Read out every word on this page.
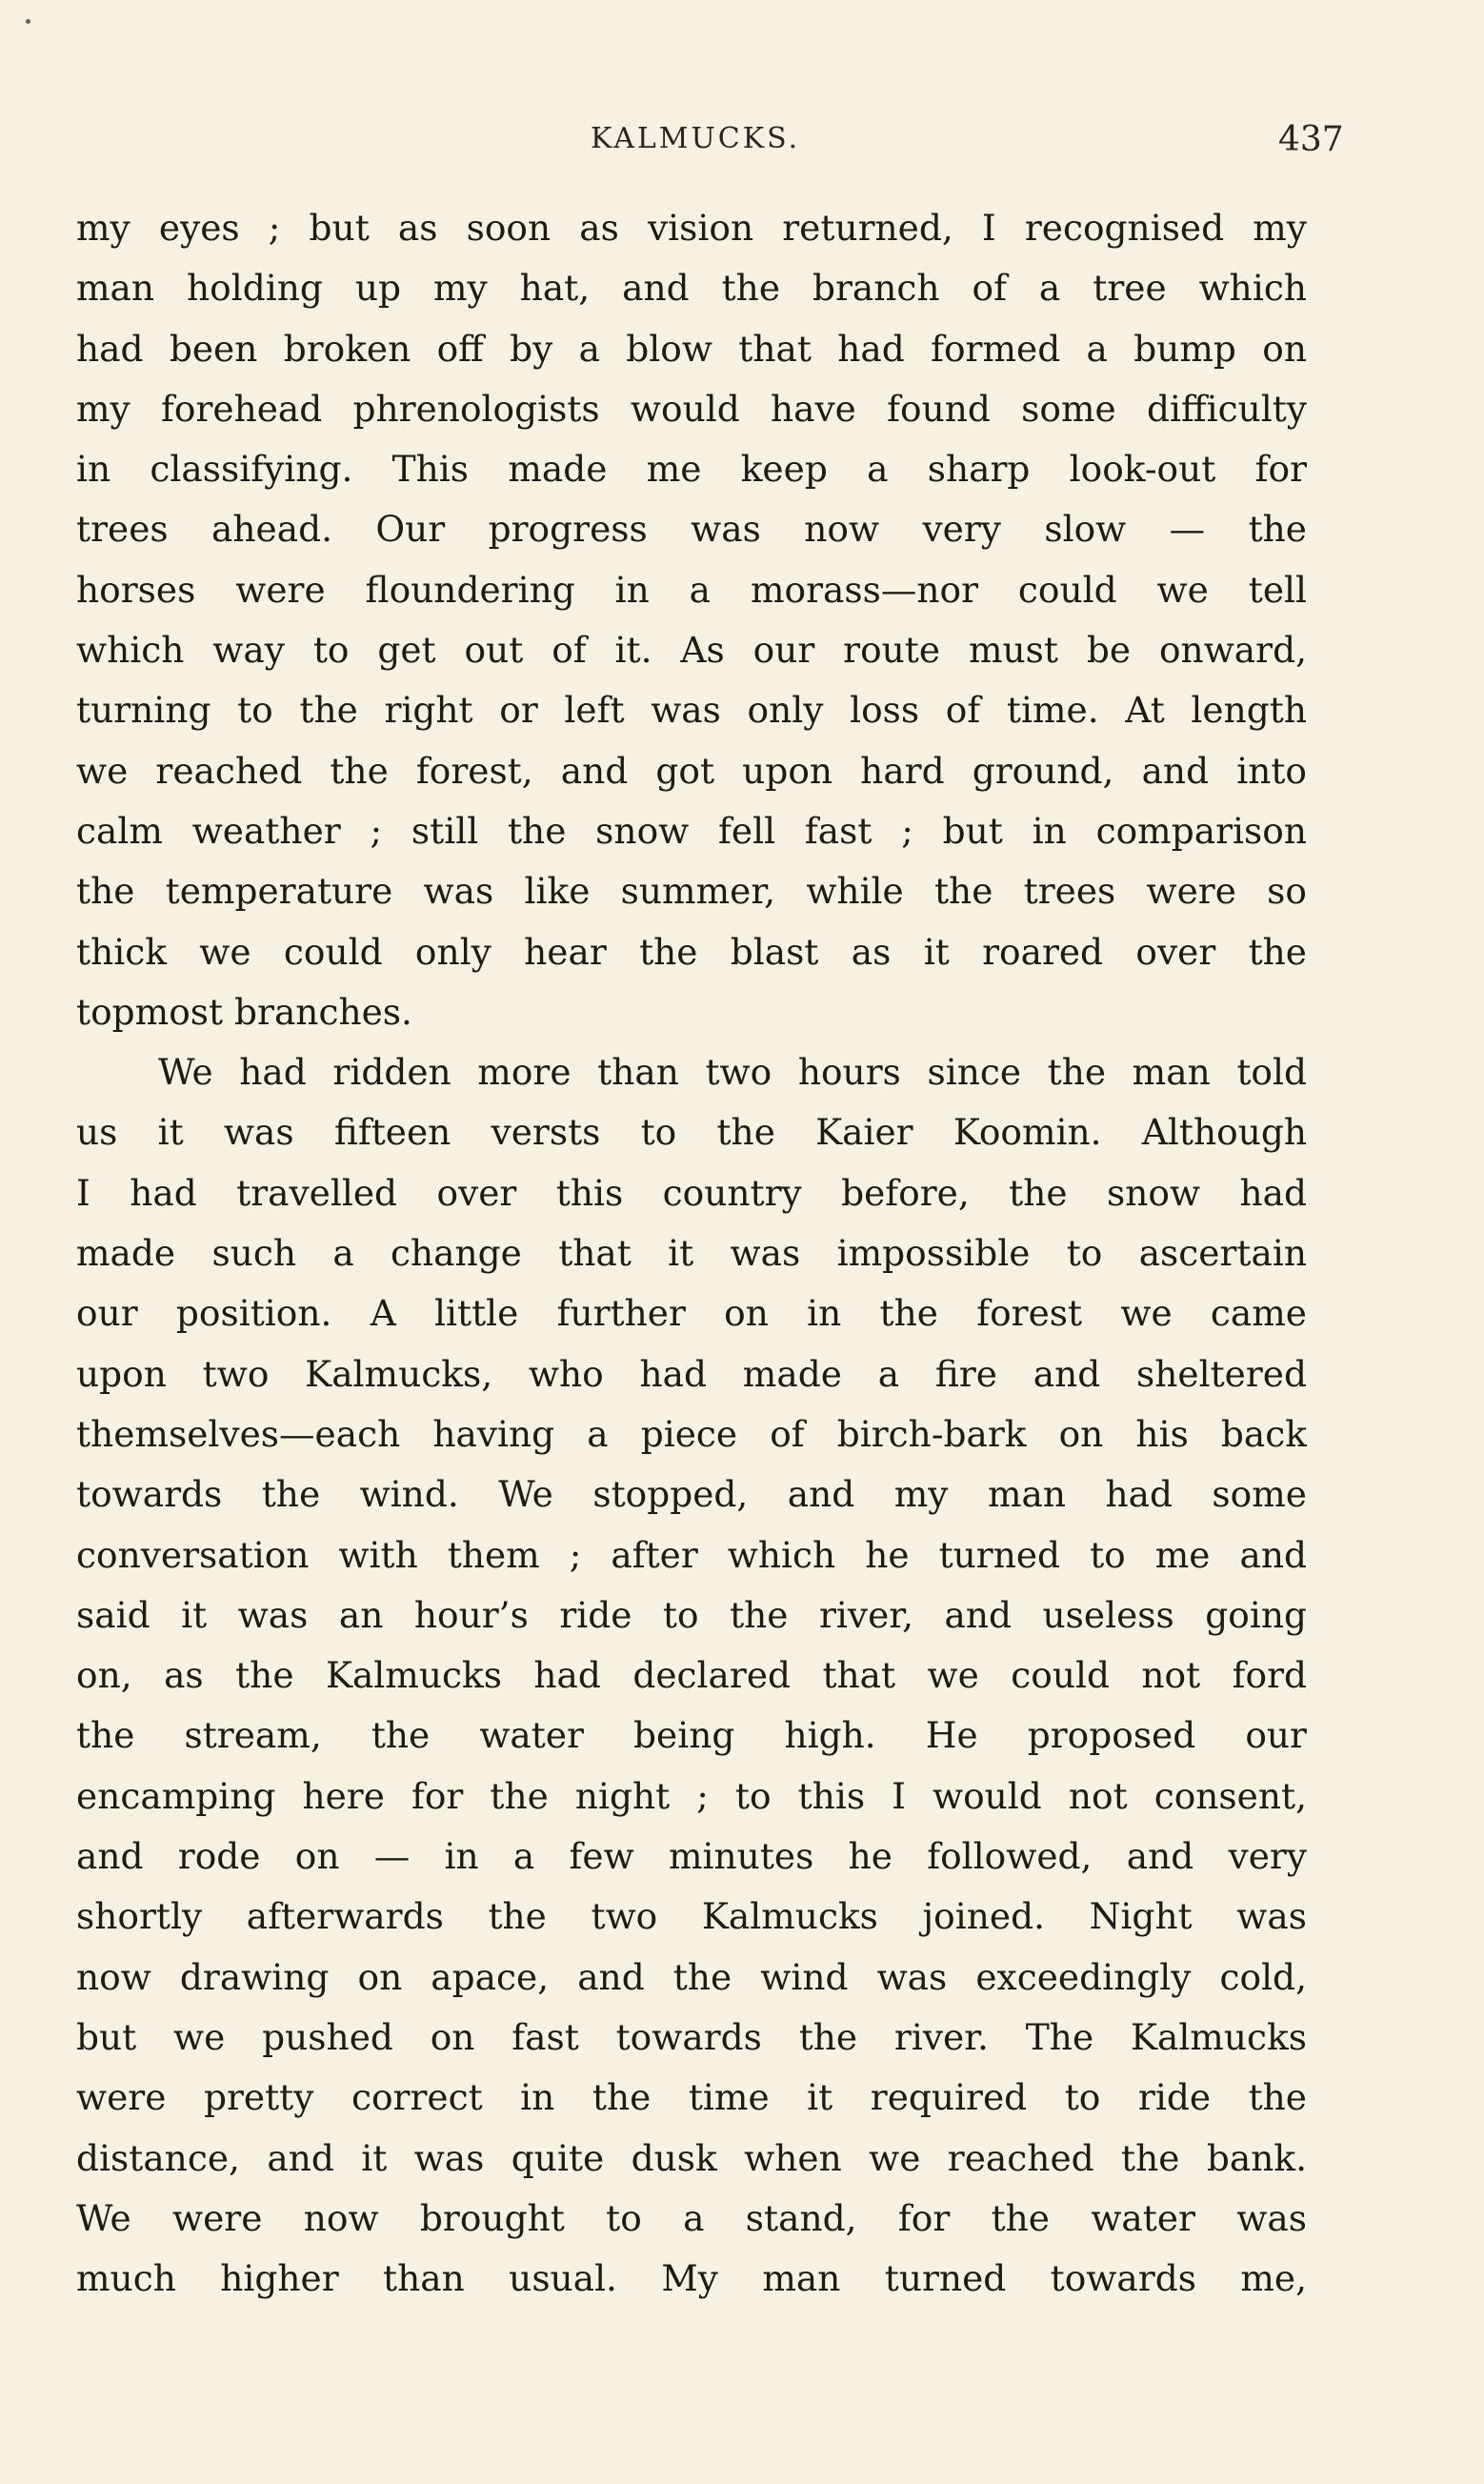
KALMUCKS.	437
my eyes ; but as soon as vision returned, I recognised my
man holding up my hat, and the branch of a tree which
had been broken off by a blow that had formed a bump on
my forehead phrenologists would have found some difficulty
in classifying. This made me keep a sharp look-out for
trees ahead. Our progress was now very slow — the
horses were floundering in a morass—nor could we tell
which way to get out of it. As our route must be onward,
turning to the right or left was only loss of time. At length
we reached the forest, and got upon hard ground, and into
calm weather ; still the snow fell fast ; but in comparison
the temperature was like summer, while the trees were so
thick we could only hear the blast as it roared over the
topmost branches.
We had ridden more than two hours since the man told
us it was fifteen versts to the Kaier Koomin. Although
I had travelled over this country before, the snow had
made such a change that it was impossible to ascertain
our position. A little further on in the forest we came
upon two Kalmucks, who had made a fire and sheltered
themselves—each having a piece of birch-bark on his back
towards the wind. We stopped, and my man had some
conversation with them ; after which he turned to me and
said it was an hour’s ride to the river, and useless going
on, as the Kalmucks had declared that we could not ford
the stream, the water being high. He proposed our
encamping here for the night ; to this I would not consent,
and rode on — in a few minutes he followed, and very
shortly afterwards the two Kalmucks joined. Night was
now drawing on apace, and the wind was exceedingly cold,
but we pushed on fast towards the river. The Kalmucks
were pretty correct in the time it required to ride the
distance, and it was quite dusk when we reached the bank.
We were now brought to a stand, for the water was
much higher than usual. My man turned towards me,
